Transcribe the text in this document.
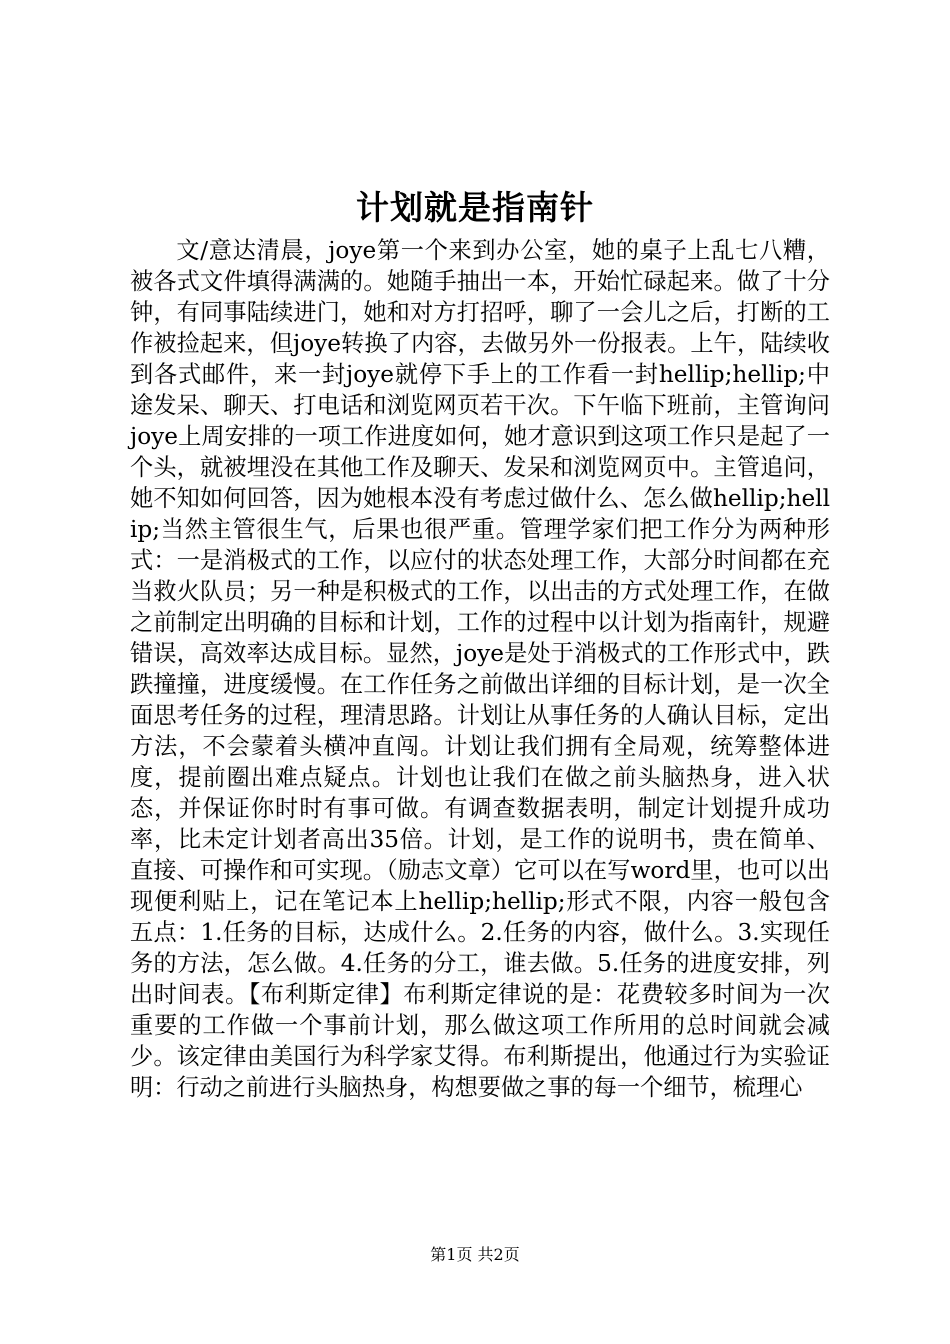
计划就是指南针

文/意达清晨，joye第一个来到办公室，她的桌子上乱七八糟，被各式文件填得满满的。她随手抽出一本，开始忙碌起来。做了十分钟，有同事陆续进门，她和对方打招呼，聊了一会儿之后，打断的工作被捡起来，但joye转换了内容，去做另外一份报表。上午，陆续收到各式邮件，来一封joye就停下手上的工作看一封hellip;hellip;中途发呆、聊天、打电话和浏览网页若干次。下午临下班前，主管询问joye上周安排的一项工作进度如何，她才意识到这项工作只是起了一个头，就被埋没在其他工作及聊天、发呆和浏览网页中。主管追问，她不知如何回答，因为她根本没有考虑过做什么、怎么做hellip;hellip;当然主管很生气，后果也很严重。管理学家们把工作分为两种形式：一是消极式的工作，以应付的状态处理工作，大部分时间都在充当救火队员；另一种是积极式的工作，以出击的方式处理工作，在做之前制定出明确的目标和计划，工作的过程中以计划为指南针，规避错误，高效率达成目标。显然，joye是处于消极式的工作形式中，跌跌撞撞，进度缓慢。在工作任务之前做出详细的目标计划，是一次全面思考任务的过程，理清思路。计划让从事任务的人确认目标，定出方法，不会蒙着头横冲直闯。计划让我们拥有全局观，统筹整体进度，提前圈出难点疑点。计划也让我们在做之前头脑热身，进入状态，并保证你时时有事可做。有调查数据表明，制定计划提升成功率，比未定计划者高出35倍。计划，是工作的说明书，贵在简单、直接、可操作和可实现。（励志文章）它可以在写word里，也可以出现便利贴上，记在笔记本上hellip;hellip;形式不限，内容一般包含五点：1.任务的目标，达成什么。2.任务的内容，做什么。3.实现任务的方法，怎么做。4.任务的分工，谁去做。5.任务的进度安排，列出时间表。【布利斯定律】布利斯定律说的是：花费较多时间为一次重要的工作做一个事前计划，那么做这项工作所用的总时间就会减少。该定律由美国行为科学家艾得。布利斯提出，他通过行为实验证明：行动之前进行头脑热身，构想要做之事的每一个细节，梳理心

第1页 共2页
